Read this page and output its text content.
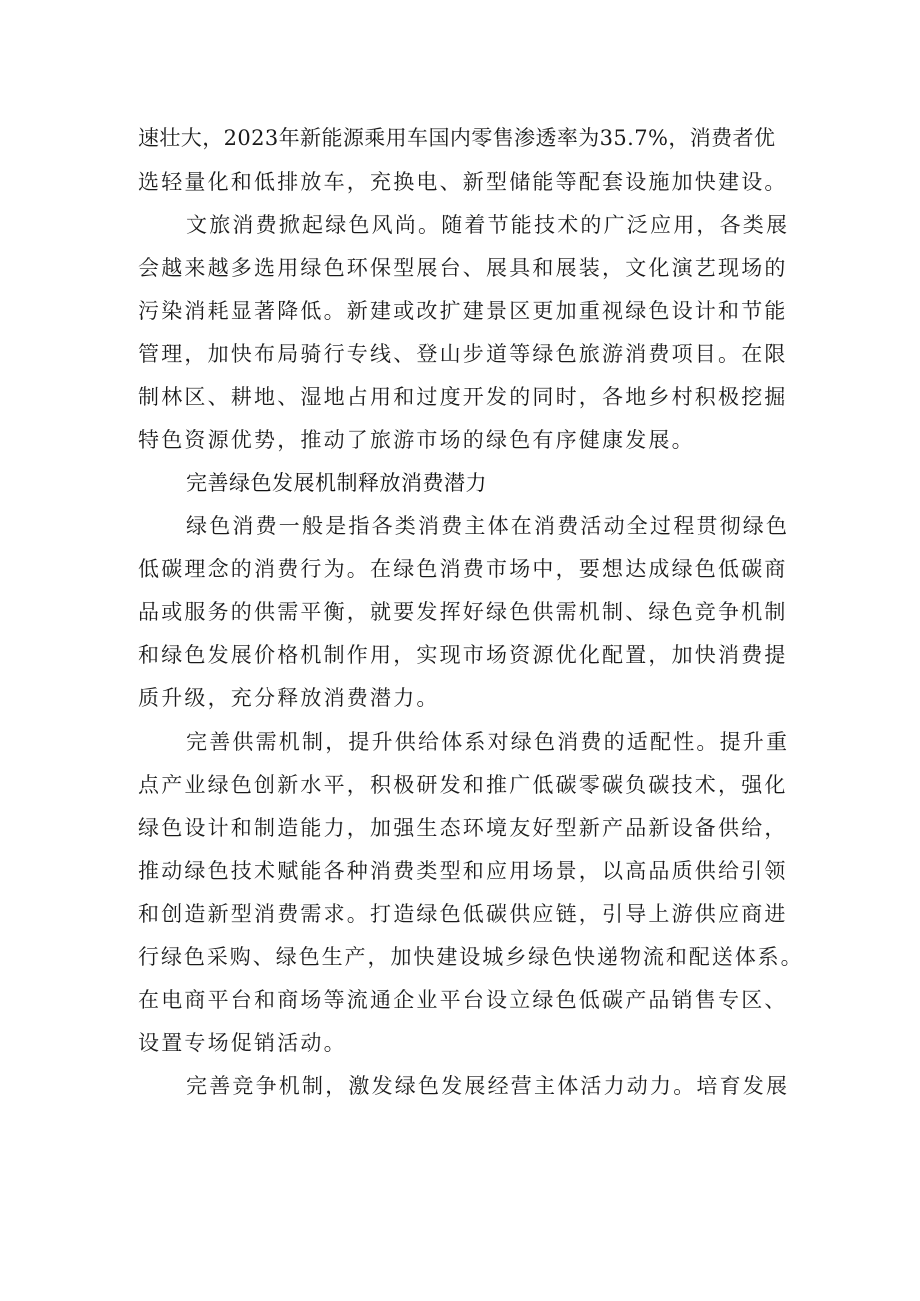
速壮大，2023年新能源乘用车国内零售渗透率为35.7%，消费者优
选轻量化和低排放车，充换电、新型储能等配套设施加快建设。
文旅消费掀起绿色风尚。随着节能技术的广泛应用，各类展
会越来越多选用绿色环保型展台、展具和展装，文化演艺现场的
污染消耗显著降低。新建或改扩建景区更加重视绿色设计和节能
管理，加快布局骑行专线、登山步道等绿色旅游消费项目。在限
制林区、耕地、湿地占用和过度开发的同时，各地乡村积极挖掘
特色资源优势，推动了旅游市场的绿色有序健康发展。
完善绿色发展机制释放消费潜力
绿色消费一般是指各类消费主体在消费活动全过程贯彻绿色
低碳理念的消费行为。在绿色消费市场中，要想达成绿色低碳商
品或服务的供需平衡，就要发挥好绿色供需机制、绿色竞争机制
和绿色发展价格机制作用，实现市场资源优化配置，加快消费提
质升级，充分释放消费潜力。
完善供需机制，提升供给体系对绿色消费的适配性。提升重
点产业绿色创新水平，积极研发和推广低碳零碳负碳技术，强化
绿色设计和制造能力，加强生态环境友好型新产品新设备供给，
推动绿色技术赋能各种消费类型和应用场景，以高品质供给引领
和创造新型消费需求。打造绿色低碳供应链，引导上游供应商进
行绿色采购、绿色生产，加快建设城乡绿色快递物流和配送体系。
在电商平台和商场等流通企业平台设立绿色低碳产品销售专区、
设置专场促销活动。
完善竞争机制，激发绿色发展经营主体活力动力。培育发展
